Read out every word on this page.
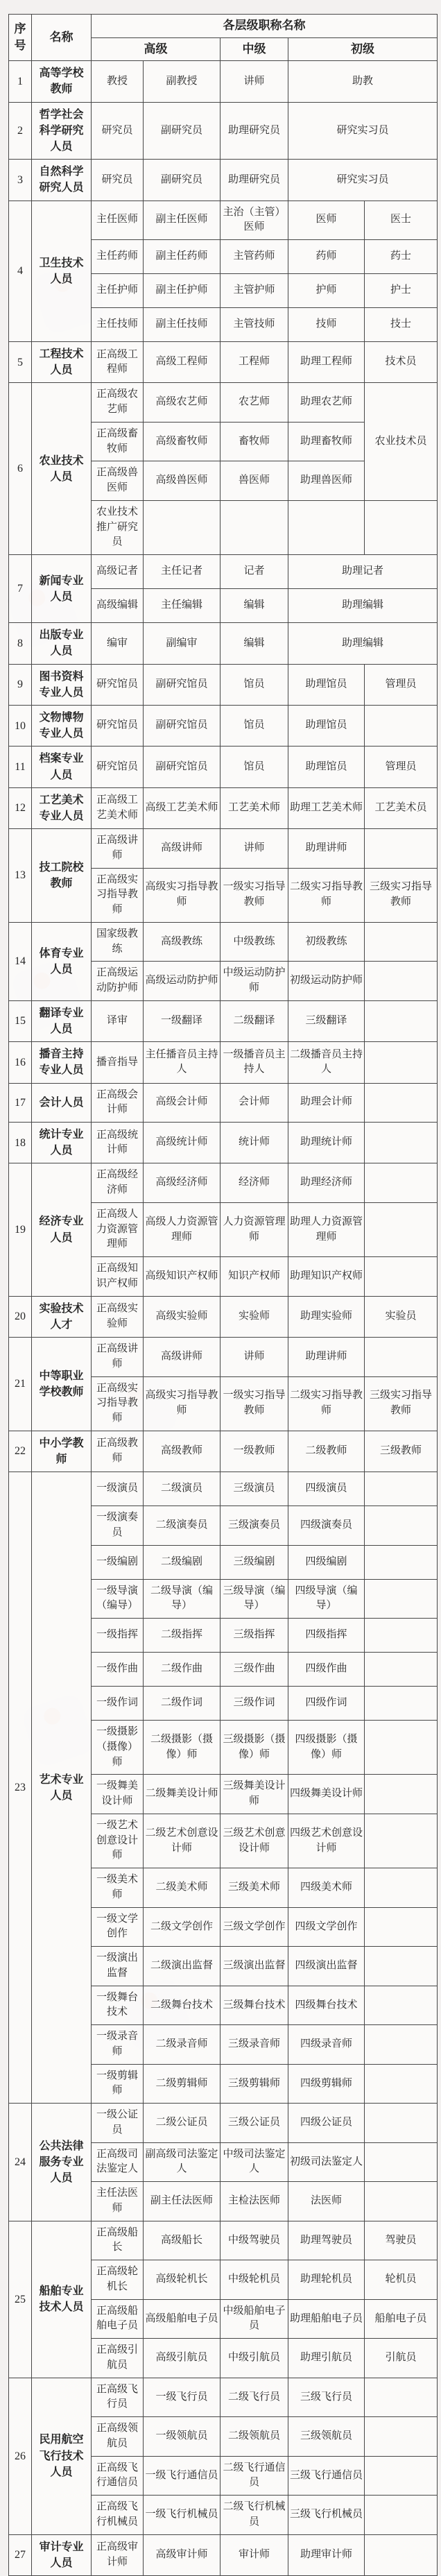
序号	名称	各层级职称名称				
		高级		中级	初级	
1	高等学校教师	教授	副教授	讲师	助教	
2	哲学社会科学研究人员	研究员	副研究员	助理研究员	研究实习员	
3	自然科学研究人员	研究员	副研究员	助理研究员	研究实习员	
4	卫生技术人员	主任医师	副主任医师	主治（主管）医师	医师	医士
		主任药师	副主任药师	主管药师	药师	药士
		主任护师	副主任护师	主管护师	护师	护士
		主任技师	副主任技师	主管技师	技师	技士
5	工程技术人员	正高级工程师	高级工程师	工程师	助理工程师	技术员
6	农业技术人员	正高级农艺师	高级农艺师	农艺师	助理农艺师	农业技术员
		正高级畜牧师	高级畜牧师	畜牧师	助理畜牧师	
		正高级兽医师	高级兽医师	兽医师	助理兽医师	
		农业技术推广研究员				
7	新闻专业人员	高级记者	主任记者	记者	助理记者	
		高级编辑	主任编辑	编辑	助理编辑	
8	出版专业人员	编审	副编审	编辑	助理编辑	
9	图书资料专业人员	研究馆员	副研究馆员	馆员	助理馆员	管理员
10	文物博物专业人员	研究馆员	副研究馆员	馆员	助理馆员	
11	档案专业人员	研究馆员	副研究馆员	馆员	助理馆员	管理员
12	工艺美术专业人员	正高级工艺美术师	高级工艺美术师	工艺美术师	助理工艺美术师	工艺美术员
13	技工院校教师	正高级讲师	高级讲师	讲师	助理讲师	
		正高级实习指导教师	高级实习指导教师	一级实习指导教师	二级实习指导教师	三级实习指导教师
14	体育专业人员	国家级教练	高级教练	中级教练	初级教练	
		正高级运动防护师	高级运动防护师	中级运动防护师	初级运动防护师	
15	翻译专业人员	译审	一级翻译	二级翻译	三级翻译	
16	播音主持专业人员	播音指导	主任播音员主持人	一级播音员主持人	二级播音员主持人	
17	会计人员	正高级会计师	高级会计师	会计师	助理会计师	
18	统计专业人员	正高级统计师	高级统计师	统计师	助理统计师	
19	经济专业人员	正高级经济师	高级经济师	经济师	助理经济师	
		正高级人力资源管理师	高级人力资源管理师	人力资源管理师	助理人力资源管理师	
		正高级知识产权师	高级知识产权师	知识产权师	助理知识产权师	
20	实验技术人才	正高级实验师	高级实验师	实验师	助理实验师	实验员
21	中等职业学校教师	正高级讲师	高级讲师	讲师	助理讲师	
		正高级实习指导教师	高级实习指导教师	一级实习指导教师	二级实习指导教师	三级实习指导教师
22	中小学教师	正高级教师	高级教师	一级教师	二级教师	三级教师
23	艺术专业人员	一级演员	二级演员	三级演员	四级演员	
		一级演奏员	二级演奏员	三级演奏员	四级演奏员	
		一级编剧	二级编剧	三级编剧	四级编剧	
		一级导演（编导）	二级导演（编导）	三级导演（编导）	四级导演（编导）	
		一级指挥	二级指挥	三级指挥	四级指挥	
		一级作曲	二级作曲	三级作曲	四级作曲	
		一级作词	二级作词	三级作词	四级作词	
		一级摄影（摄像）师	二级摄影（摄像）师	三级摄影（摄像）师	四级摄影（摄像）师	
		一级舞美设计师	二级舞美设计师	三级舞美设计师	四级舞美设计师	
		一级艺术创意设计师	二级艺术创意设计师	三级艺术创意设计师	四级艺术创意设计师	
		一级美术师	二级美术师	三级美术师	四级美术师	
		一级文学创作	二级文学创作	三级文学创作	四级文学创作	
		一级演出监督	二级演出监督	三级演出监督	四级演出监督	
		一级舞台技术	二级舞台技术	三级舞台技术	四级舞台技术	
		一级录音师	二级录音师	三级录音师	四级录音师	
		一级剪辑师	二级剪辑师	三级剪辑师	四级剪辑师	
24	公共法律服务专业人员	一级公证员	二级公证员	三级公证员	四级公证员	
		正高级司法鉴定人	副高级司法鉴定人	中级司法鉴定人	初级司法鉴定人	
		主任法医师	副主任法医师	主检法医师	法医师	
25	船舶专业技术人员	正高级船长	高级船长	中级驾驶员	助理驾驶员	驾驶员
		正高级轮机长	高级轮机长	中级轮机员	助理轮机员	轮机员
		正高级船舶电子员	高级船舶电子员	中级船舶电子员	助理船舶电子员	船舶电子员
		正高级引航员	高级引航员	中级引航员	助理引航员	引航员
26	民用航空飞行技术人员	正高级飞行员	一级飞行员	二级飞行员	三级飞行员	
		正高级领航员	一级领航员	二级领航员	三级领航员	
		正高级飞行通信员	一级飞行通信员	二级飞行通信员	三级飞行通信员	
		正高级飞行机械员	一级飞行机械员	二级飞行机械员	三级飞行机械员	
27	审计专业人员	正高级审计师	高级审计师	审计师	助理审计师	
